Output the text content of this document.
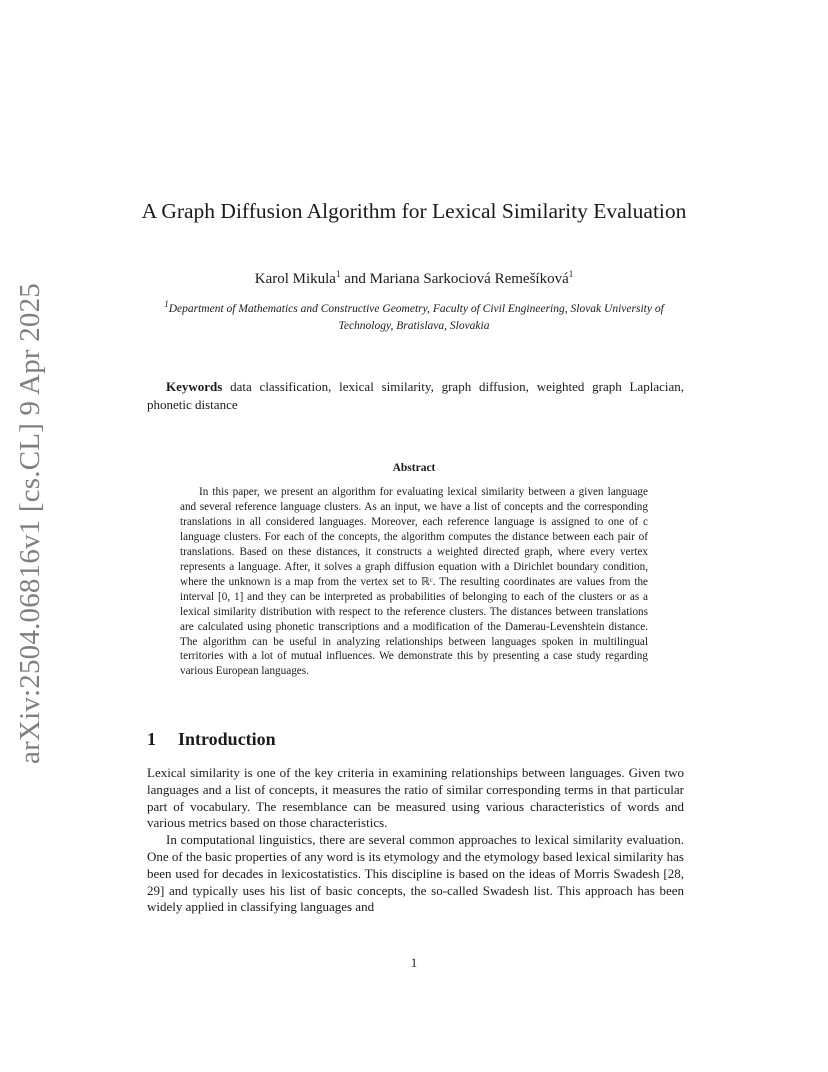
arXiv:2504.06816v1 [cs.CL] 9 Apr 2025
A Graph Diffusion Algorithm for Lexical Similarity Evaluation
Karol Mikula$^1$ and Mariana Sarkociová Remešíková$^1$
$^1$Department of Mathematics and Constructive Geometry, Faculty of Civil Engineering, Slovak University of Technology, Bratislava, Slovakia
Keywords data classification, lexical similarity, graph diffusion, weighted graph Laplacian, phonetic distance
Abstract
In this paper, we present an algorithm for evaluating lexical similarity between a given language and several reference language clusters. As an input, we have a list of concepts and the corresponding translations in all considered languages. Moreover, each reference language is assigned to one of c language clusters. For each of the concepts, the algorithm computes the distance between each pair of translations. Based on these distances, it constructs a weighted directed graph, where every vertex represents a language. After, it solves a graph diffusion equation with a Dirichlet boundary condition, where the unknown is a map from the vertex set to ℝᶜ. The resulting coordinates are values from the interval [0, 1] and they can be interpreted as probabilities of belonging to each of the clusters or as a lexical similarity distribution with respect to the reference clusters. The distances between translations are calculated using phonetic transcriptions and a modification of the Damerau-Levenshtein distance. The algorithm can be useful in analyzing relationships between languages spoken in multilingual territories with a lot of mutual influences. We demonstrate this by presenting a case study regarding various European languages.
1 Introduction

Lexical similarity is one of the key criteria in examining relationships between languages. Given two languages and a list of concepts, it measures the ratio of similar corresponding terms in that particular part of vocabulary. The resemblance can be measured using various characteristics of words and various metrics based on those characteristics.

In computational linguistics, there are several common approaches to lexical similarity evaluation. One of the basic properties of any word is its etymology and the etymology based lexical similarity has been used for decades in lexicostatistics. This discipline is based on the ideas of Morris Swadesh [28, 29] and typically uses his list of basic concepts, the so-called Swadesh list. This approach has been widely applied in classifying languages and

1
